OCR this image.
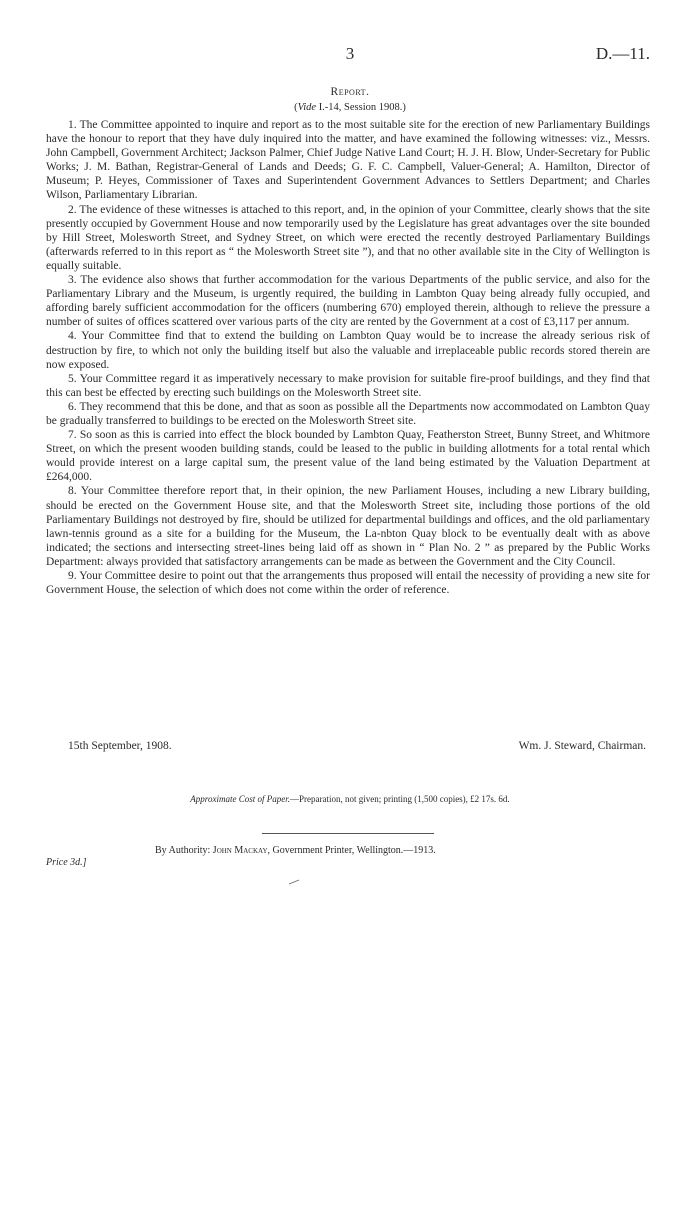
3	D.—11.

Report.

(Vide I.-14, Session 1908.)

1. The Committee appointed to inquire and report as to the most suitable site for the erection of new Parliamentary Buildings have the honour to report that they have duly inquired into the matter, and have examined the following witnesses: viz., Messrs. John Campbell, Government Architect; Jackson Palmer, Chief Judge Native Land Court; H. J. H. Blow, Under-Secretary for Public Works; J. M. Bathan, Registrar-General of Lands and Deeds; G. F. C. Campbell, Valuer-General; A. Hamilton, Director of Museum; P. Heyes, Commissioner of Taxes and Superintendent Government Advances to Settlers Department; and Charles Wilson, Parliamentary Librarian.

2. The evidence of these witnesses is attached to this report, and, in the opinion of your Committee, clearly shows that the site presently occupied by Government House and now temporarily used by the Legislature has great advantages over the site bounded by Hill Street, Molesworth Street, and Sydney Street, on which were erected the recently destroyed Parliamentary Buildings (afterwards referred to in this report as “ the Molesworth Street site ”), and that no other available site in the City of Wellington is equally suitable.

3. The evidence also shows that further accommodation for the various Departments of the public service, and also for the Parliamentary Library and the Museum, is urgently required, the building in Lambton Quay being already fully occupied, and affording barely sufficient accommodation for the officers (numbering 670) employed therein, although to relieve the pressure a number of suites of offices scattered over various parts of the city are rented by the Government at a cost of £3,117 per annum.

4. Your Committee find that to extend the building on Lambton Quay would be to increase the already serious risk of destruction by fire, to which not only the building itself but also the valuable and irreplaceable public records stored therein are now exposed.

5. Your Committee regard it as imperatively necessary to make provision for suitable fire-proof buildings, and they find that this can best be effected by erecting such buildings on the Molesworth Street site.

6. They recommend that this be done, and that as soon as possible all the Departments now accommodated on Lambton Quay be gradually transferred to buildings to be erected on the Molesworth Street site.

7. So soon as this is carried into effect the block bounded by Lambton Quay, Featherston Street, Bunny Street, and Whitmore Street, on which the present wooden building stands, could be leased to the public in building allotments for a total rental which would provide interest on a large capital sum, the present value of the land being estimated by the Valuation Department at £264,000.

8. Your Committee therefore report that, in their opinion, the new Parliament Houses, including a new Library building, should be erected on the Government House site, and that the Molesworth Street site, including those portions of the old Parliamentary Buildings not destroyed by fire, should be utilized for departmental buildings and offices, and the old parliamentary lawn-tennis ground as a site for a building for the Museum, the La-nbton Quay block to be eventually dealt with as above indicated; the sections and intersecting street-lines being laid off as shown in “ Plan No. 2 ” as prepared by the Public Works Department: always provided that satisfactory arrangements can be made as between the Government and the City Council.

9. Your Committee desire to point out that the arrangements thus proposed will entail the necessity of providing a new site for Government House, the selection of which does not come within the order of reference.

15th September, 1908.	Wm. J. Steward, Chairman.

Approximate Cost of Paper.—Preparation, not given; printing (1,500 copies), £2 17s. 6d.

By Authority: John Mackay, Government Printer, Wellington.—1913.

Price 3d.]
